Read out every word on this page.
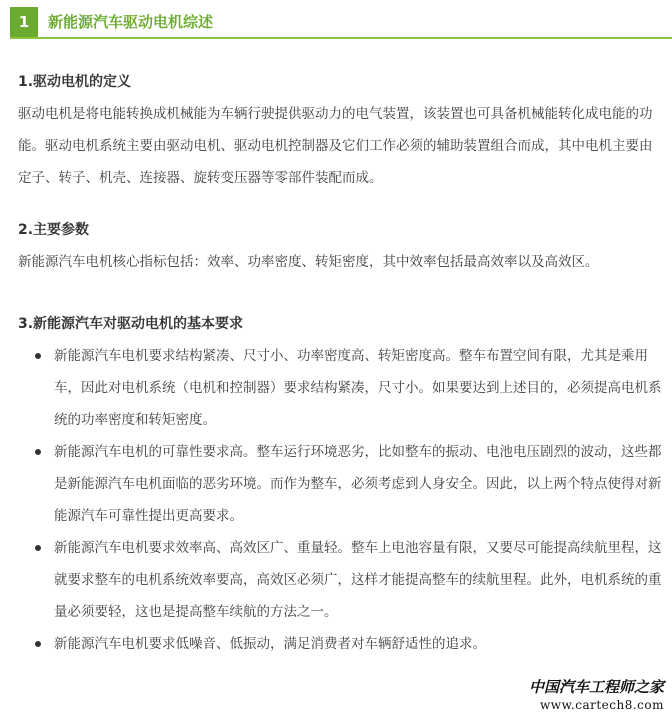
1	新能源汽车驱动电机综述

1.驱动电机的定义

驱动电机是将电能转换成机械能为车辆行驶提供驱动力的电气装置，该装置也可具备机械能转化成电能的功能。驱动电机系统主要由驱动电机、驱动电机控制器及它们工作必须的辅助装置组合而成，其中电机主要由定子、转子、机壳、连接器、旋转变压器等零部件装配而成。

2.主要参数

新能源汽车电机核心指标包括：效率、功率密度、转矩密度，其中效率包括最高效率以及高效区。

3.新能源汽车对驱动电机的基本要求

新能源汽车电机要求结构紧凑、尺寸小、功率密度高、转矩密度高。整车布置空间有限，尤其是乘用车，因此对电机系统（电机和控制器）要求结构紧凑，尺寸小。如果要达到上述目的，必须提高电机系统的功率密度和转矩密度。
新能源汽车电机的可靠性要求高。整车运行环境恶劣，比如整车的振动、电池电压剧烈的波动，这些都是新能源汽车电机面临的恶劣环境。而作为整车，必须考虑到人身安全。因此，以上两个特点使得对新能源汽车可靠性提出更高要求。
新能源汽车电机要求效率高、高效区广、重量轻。整车上电池容量有限，又要尽可能提高续航里程，这就要求整车的电机系统效率要高，高效区必须广，这样才能提高整车的续航里程。此外，电机系统的重量必须要轻，这也是提高整车续航的方法之一。
新能源汽车电机要求低噪音、低振动，满足消费者对车辆舒适性的追求。
中国汽车工程师之家
www.cartech8.com
